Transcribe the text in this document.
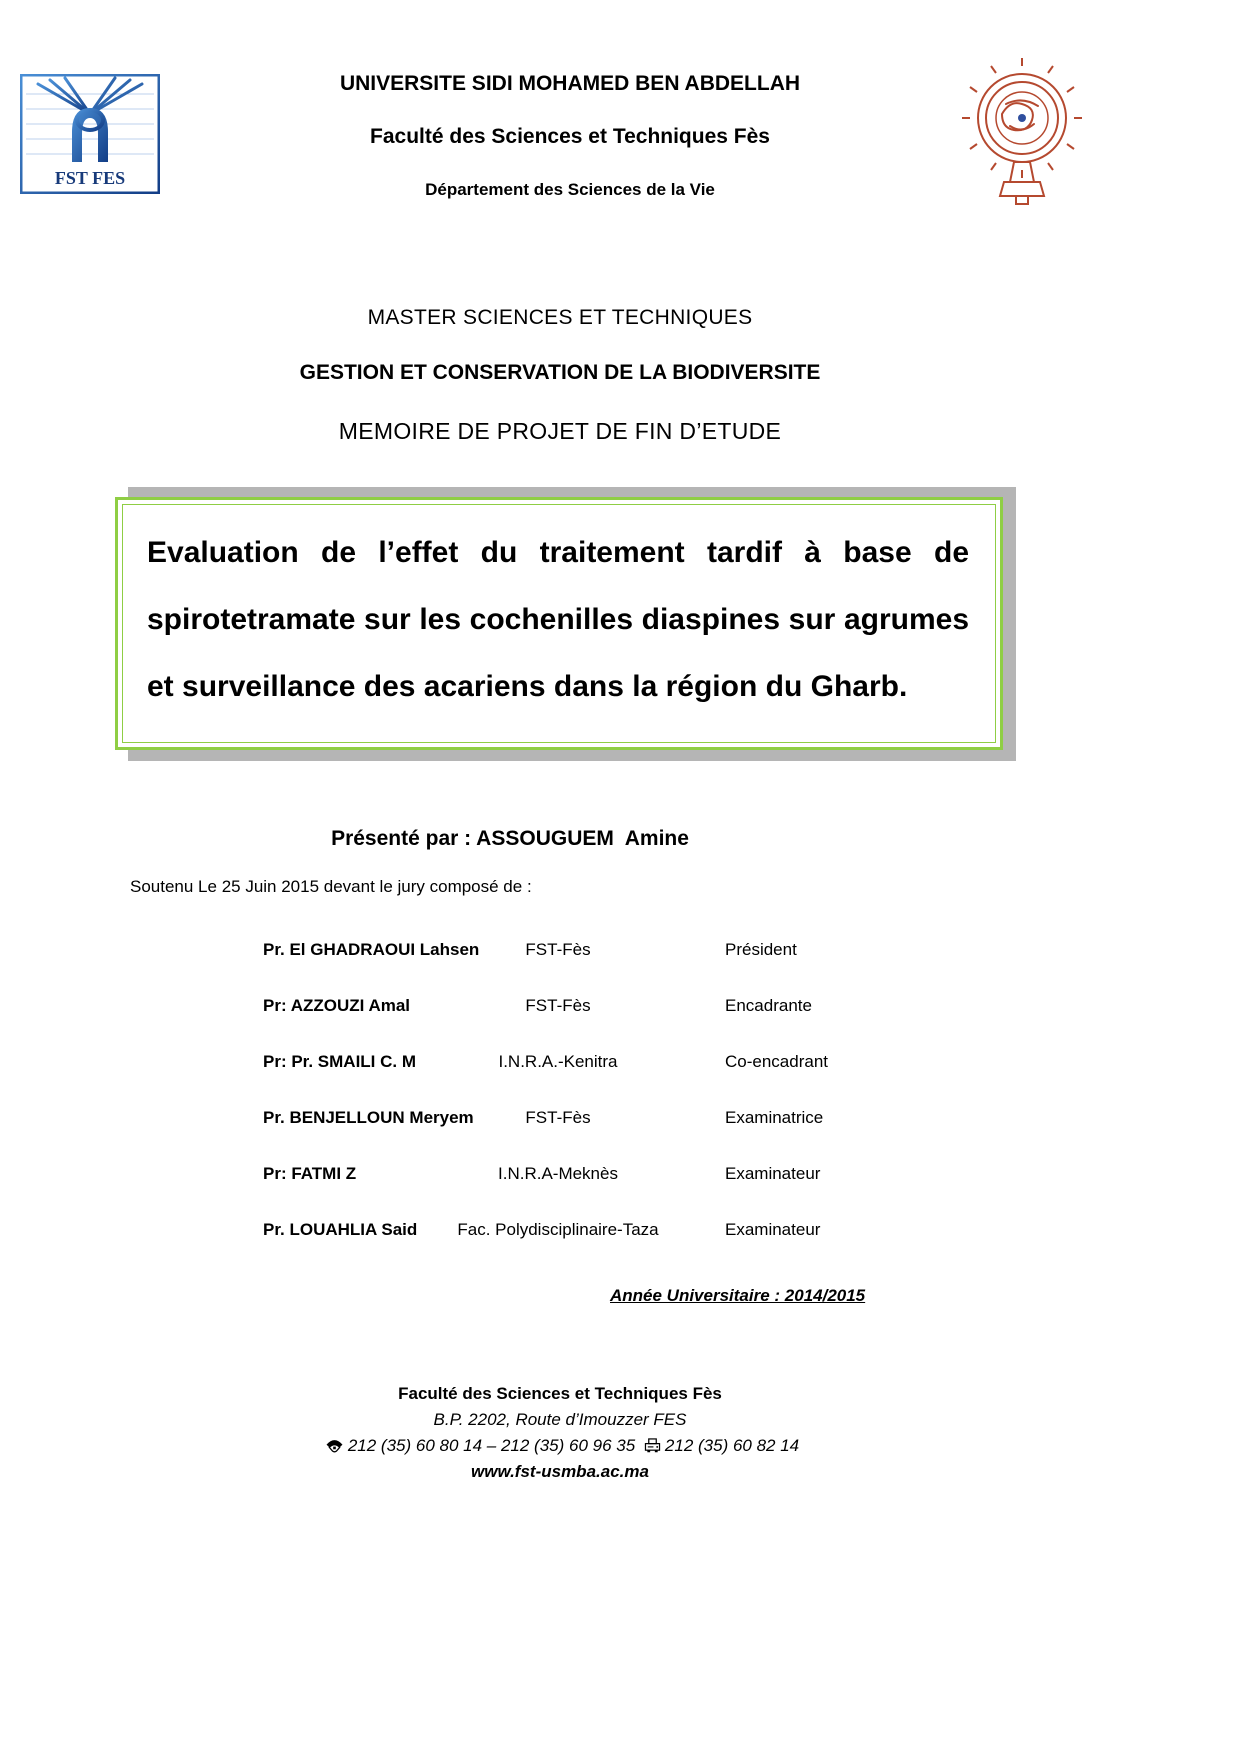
FST FES
UNIVERSITE SIDI MOHAMED BEN ABDELLAH
Faculté des Sciences et Techniques Fès
Département des Sciences de la Vie
MASTER SCIENCES ET TECHNIQUES
GESTION ET CONSERVATION DE LA BIODIVERSITE
MEMOIRE DE PROJET DE FIN D’ETUDE
Evaluation de l’effet du traitement tardif à base de spirotetramate sur les cochenilles diaspines sur agrumes et surveillance des acariens dans la région du Gharb.
Présenté par : ASSOUGUEM  Amine
Soutenu Le 25 Juin 2015 devant le jury composé de :
Pr. El GHADRAOUI Lahsen	FST-Fès	Président
Pr: AZZOUZI Amal	FST-Fès	Encadrante
Pr: Pr. SMAILI C. M	I.N.R.A.-Kenitra	Co-encadrant
Pr. BENJELLOUN Meryem	FST-Fès	Examinatrice
Pr: FATMI Z	I.N.R.A-Meknès	Examinateur
Pr. LOUAHLIA Said	Fac. Polydisciplinaire-Taza	Examinateur
Année Universitaire : 2014/2015
Faculté des Sciences et Techniques Fès
B.P. 2202, Route d’Imouzzer FES
212 (35) 60 80 14 – 212 (35) 60 96 35 212 (35) 60 82 14
www.fst-usmba.ac.ma
